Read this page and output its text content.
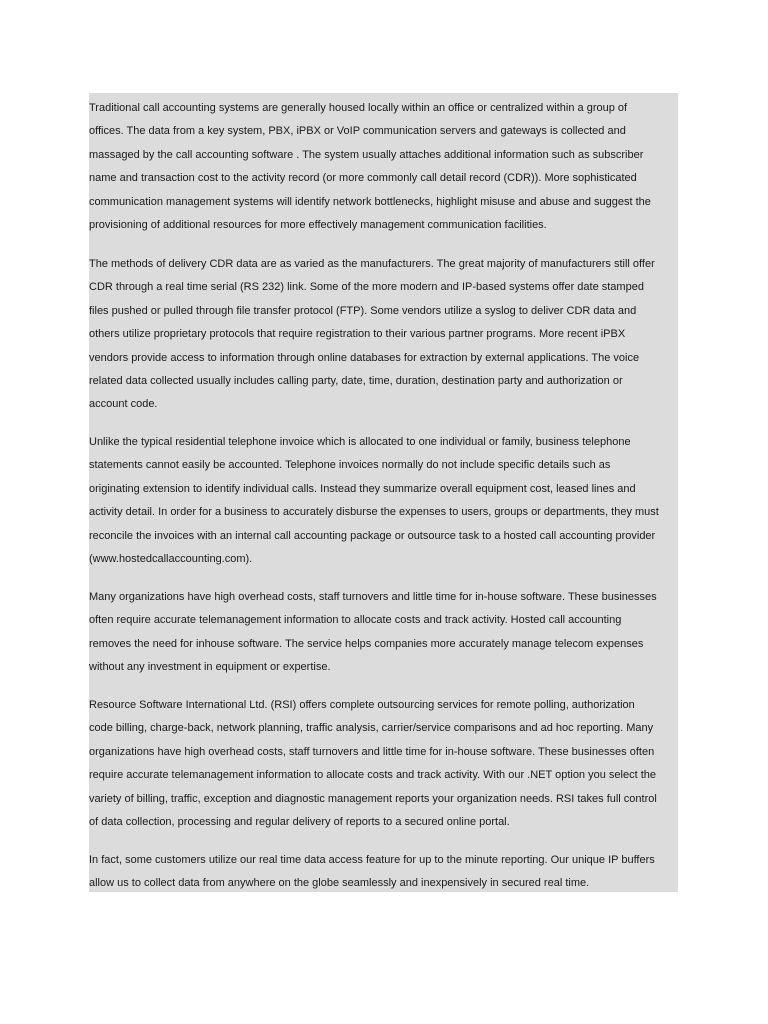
Traditional call accounting systems are generally housed locally within an office or centralized within a group of
offices. The data from a key system, PBX, iPBX or VoIP communication servers and gateways is collected and
massaged by the call accounting software . The system usually attaches additional information such as subscriber
name and transaction cost to the activity record (or more commonly call detail record (CDR)). More sophisticated
communication management systems will identify network bottlenecks, highlight misuse and abuse and suggest the
provisioning of additional resources for more effectively management communication facilities.
The methods of delivery CDR data are as varied as the manufacturers. The great majority of manufacturers still offer
CDR through a real time serial (RS 232) link. Some of the more modern and IP-based systems offer date stamped
files pushed or pulled through file transfer protocol (FTP). Some vendors utilize a syslog to deliver CDR data and
others utilize proprietary protocols that require registration to their various partner programs. More recent iPBX
vendors provide access to information through online databases for extraction by external applications. The voice
related data collected usually includes calling party, date, time, duration, destination party and authorization or
account code.
Unlike the typical residential telephone invoice which is allocated to one individual or family, business telephone
statements cannot easily be accounted. Telephone invoices normally do not include specific details such as
originating extension to identify individual calls. Instead they summarize overall equipment cost, leased lines and
activity detail. In order for a business to accurately disburse the expenses to users, groups or departments, they must
reconcile the invoices with an internal call accounting package or outsource task to a hosted call accounting provider
(www.hostedcallaccounting.com).
Many organizations have high overhead costs, staff turnovers and little time for in-house software. These businesses
often require accurate telemanagement information to allocate costs and track activity. Hosted call accounting
removes the need for inhouse software. The service helps companies more accurately manage telecom expenses
without any investment in equipment or expertise.
Resource Software International Ltd. (RSI) offers complete outsourcing services for remote polling, authorization
code billing, charge-back, network planning, traffic analysis, carrier/service comparisons and ad hoc reporting. Many
organizations have high overhead costs, staff turnovers and little time for in-house software. These businesses often
require accurate telemanagement information to allocate costs and track activity. With our .NET option you select the
variety of billing, traffic, exception and diagnostic management reports your organization needs. RSI takes full control
of data collection, processing and regular delivery of reports to a secured online portal.
In fact, some customers utilize our real time data access feature for up to the minute reporting. Our unique IP buffers
allow us to collect data from anywhere on the globe seamlessly and inexpensively in secured real time.
